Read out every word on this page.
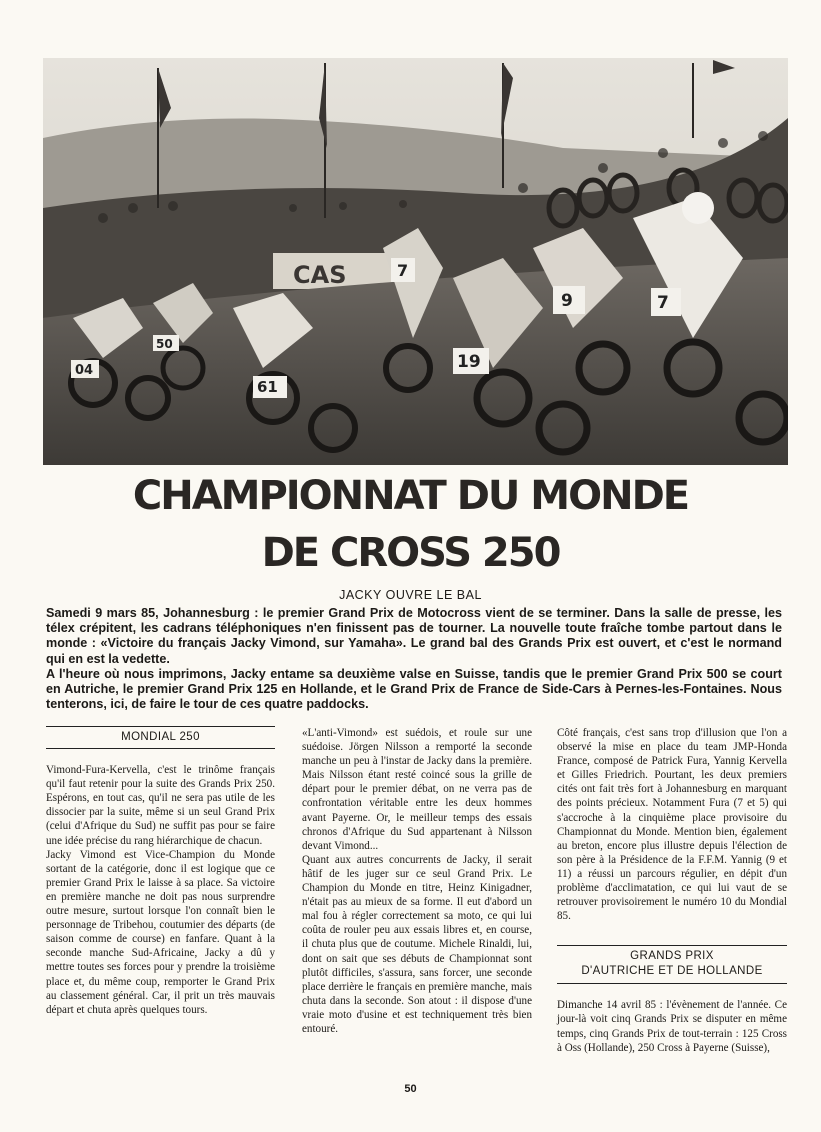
CAS
04
61
7
19
9	7
50
CHAMPIONNAT DU MONDE
DE CROSS 250
JACKY OUVRE LE BAL

Samedi 9 mars 85, Johannesburg : le premier Grand Prix de Motocross vient de se terminer. Dans la salle de presse, les télex crépitent, les cadrans téléphoniques n'en finissent pas de tourner. La nouvelle toute fraîche tombe partout dans le monde : «Victoire du français Jacky Vimond, sur Yamaha». Le grand bal des Grands Prix est ouvert, et c'est le normand qui en est la vedette.

A l'heure où nous imprimons, Jacky entame sa deuxième valse en Suisse, tandis que le premier Grand Prix 500 se court en Autriche, le premier Grand Prix 125 en Hollande, et le Grand Prix de France de Side-Cars à Pernes-les-Fontaines. Nous tenterons, ici, de faire le tour de ces quatre paddocks.

MONDIAL 250

Vimond-Fura-Kervella, c'est le trinôme français qu'il faut retenir pour la suite des Grands Prix 250. Espérons, en tout cas, qu'il ne sera pas utile de les dissocier par la suite, même si un seul Grand Prix (celui d'Afrique du Sud) ne suffit pas pour se faire une idée précise du rang hiérarchique de chacun.

Jacky Vimond est Vice-Champion du Monde sortant de la catégorie, donc il est logique que ce premier Grand Prix le laisse à sa place. Sa victoire en première manche ne doit pas nous surprendre outre mesure, surtout lorsque l'on connaît bien le personnage de Tribehou, coutumier des départs (de saison comme de course) en fanfare. Quant à la seconde manche Sud-Africaine, Jacky a dû y mettre toutes ses forces pour y prendre la troisième place et, du même coup, remporter le Grand Prix au classement général. Car, il prit un très mauvais départ et chuta après quelques tours.

«L'anti-Vimond» est suédois, et roule sur une suédoise. Jörgen Nilsson a remporté la seconde manche un peu à l'instar de Jacky dans la première. Mais Nilsson étant resté coincé sous la grille de départ pour le premier débat, on ne verra pas de confrontation véritable entre les deux hommes avant Payerne. Or, le meilleur temps des essais chronos d'Afrique du Sud appartenant à Nilsson devant Vimond...

Quant aux autres concurrents de Jacky, il serait hâtif de les juger sur ce seul Grand Prix. Le Champion du Monde en titre, Heinz Kinigadner, n'était pas au mieux de sa forme. Il eut d'abord un mal fou à régler correctement sa moto, ce qui lui coûta de rouler peu aux essais libres et, en course, il chuta plus que de coutume. Michele Rinaldi, lui, dont on sait que ses débuts de Championnat sont plutôt difficiles, s'assura, sans forcer, une seconde place derrière le français en première manche, mais chuta dans la seconde. Son atout : il dispose d'une vraie moto d'usine et est techniquement très bien entouré.

Côté français, c'est sans trop d'illusion que l'on a observé la mise en place du team JMP-Honda France, composé de Patrick Fura, Yannig Kervella et Gilles Friedrich. Pourtant, les deux premiers cités ont fait très fort à Johannesburg en marquant des points précieux. Notamment Fura (7 et 5) qui s'accroche à la cinquième place provisoire du Championnat du Monde. Mention bien, également au breton, encore plus illustre depuis l'élection de son père à la Présidence de la F.F.M. Yannig (9 et 11) a réussi un parcours régulier, en dépit d'un problème d'acclimatation, ce qui lui vaut de se retrouver provisoirement le numéro 10 du Mondial 85.

GRANDS PRIX
D'AUTRICHE ET DE HOLLANDE

Dimanche 14 avril 85 : l'évènement de l'année. Ce jour-là voit cinq Grands Prix se disputer en même temps, cinq Grands Prix de tout-terrain : 125 Cross à Oss (Hollande), 250 Cross à Payerne (Suisse),

50
